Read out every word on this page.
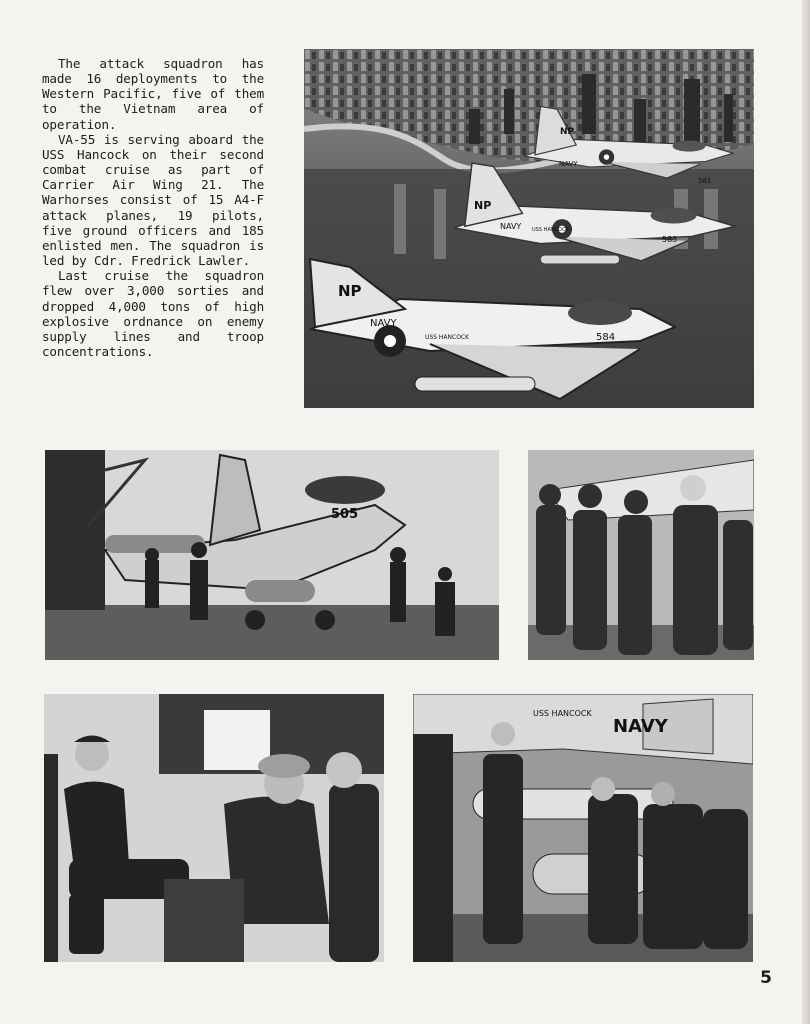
The attack squadron has made 16 deployments to the Western Pacific, five of them to the Vietnam area of operation.

VA-55 is serving aboard the USS Hancock on their second combat cruise as part of Carrier Air Wing 21. The Warhorses consist of 15 A4-F attack planes, 19 pilots, five ground officers and 185 enlisted men. The squadron is led by Cdr. Fredrick Lawler.

Last cruise the squadron flew over 3,000 sorties and dropped 4,000 tons of high explosive ordnance on enemy supply lines and troop concentrations.

NP
NAVY
581
NP
NAVY USS HANCOCK
583
NP
NAVY
USS HANCOCK	584
505
NAVY
USS HANCOCK
5
